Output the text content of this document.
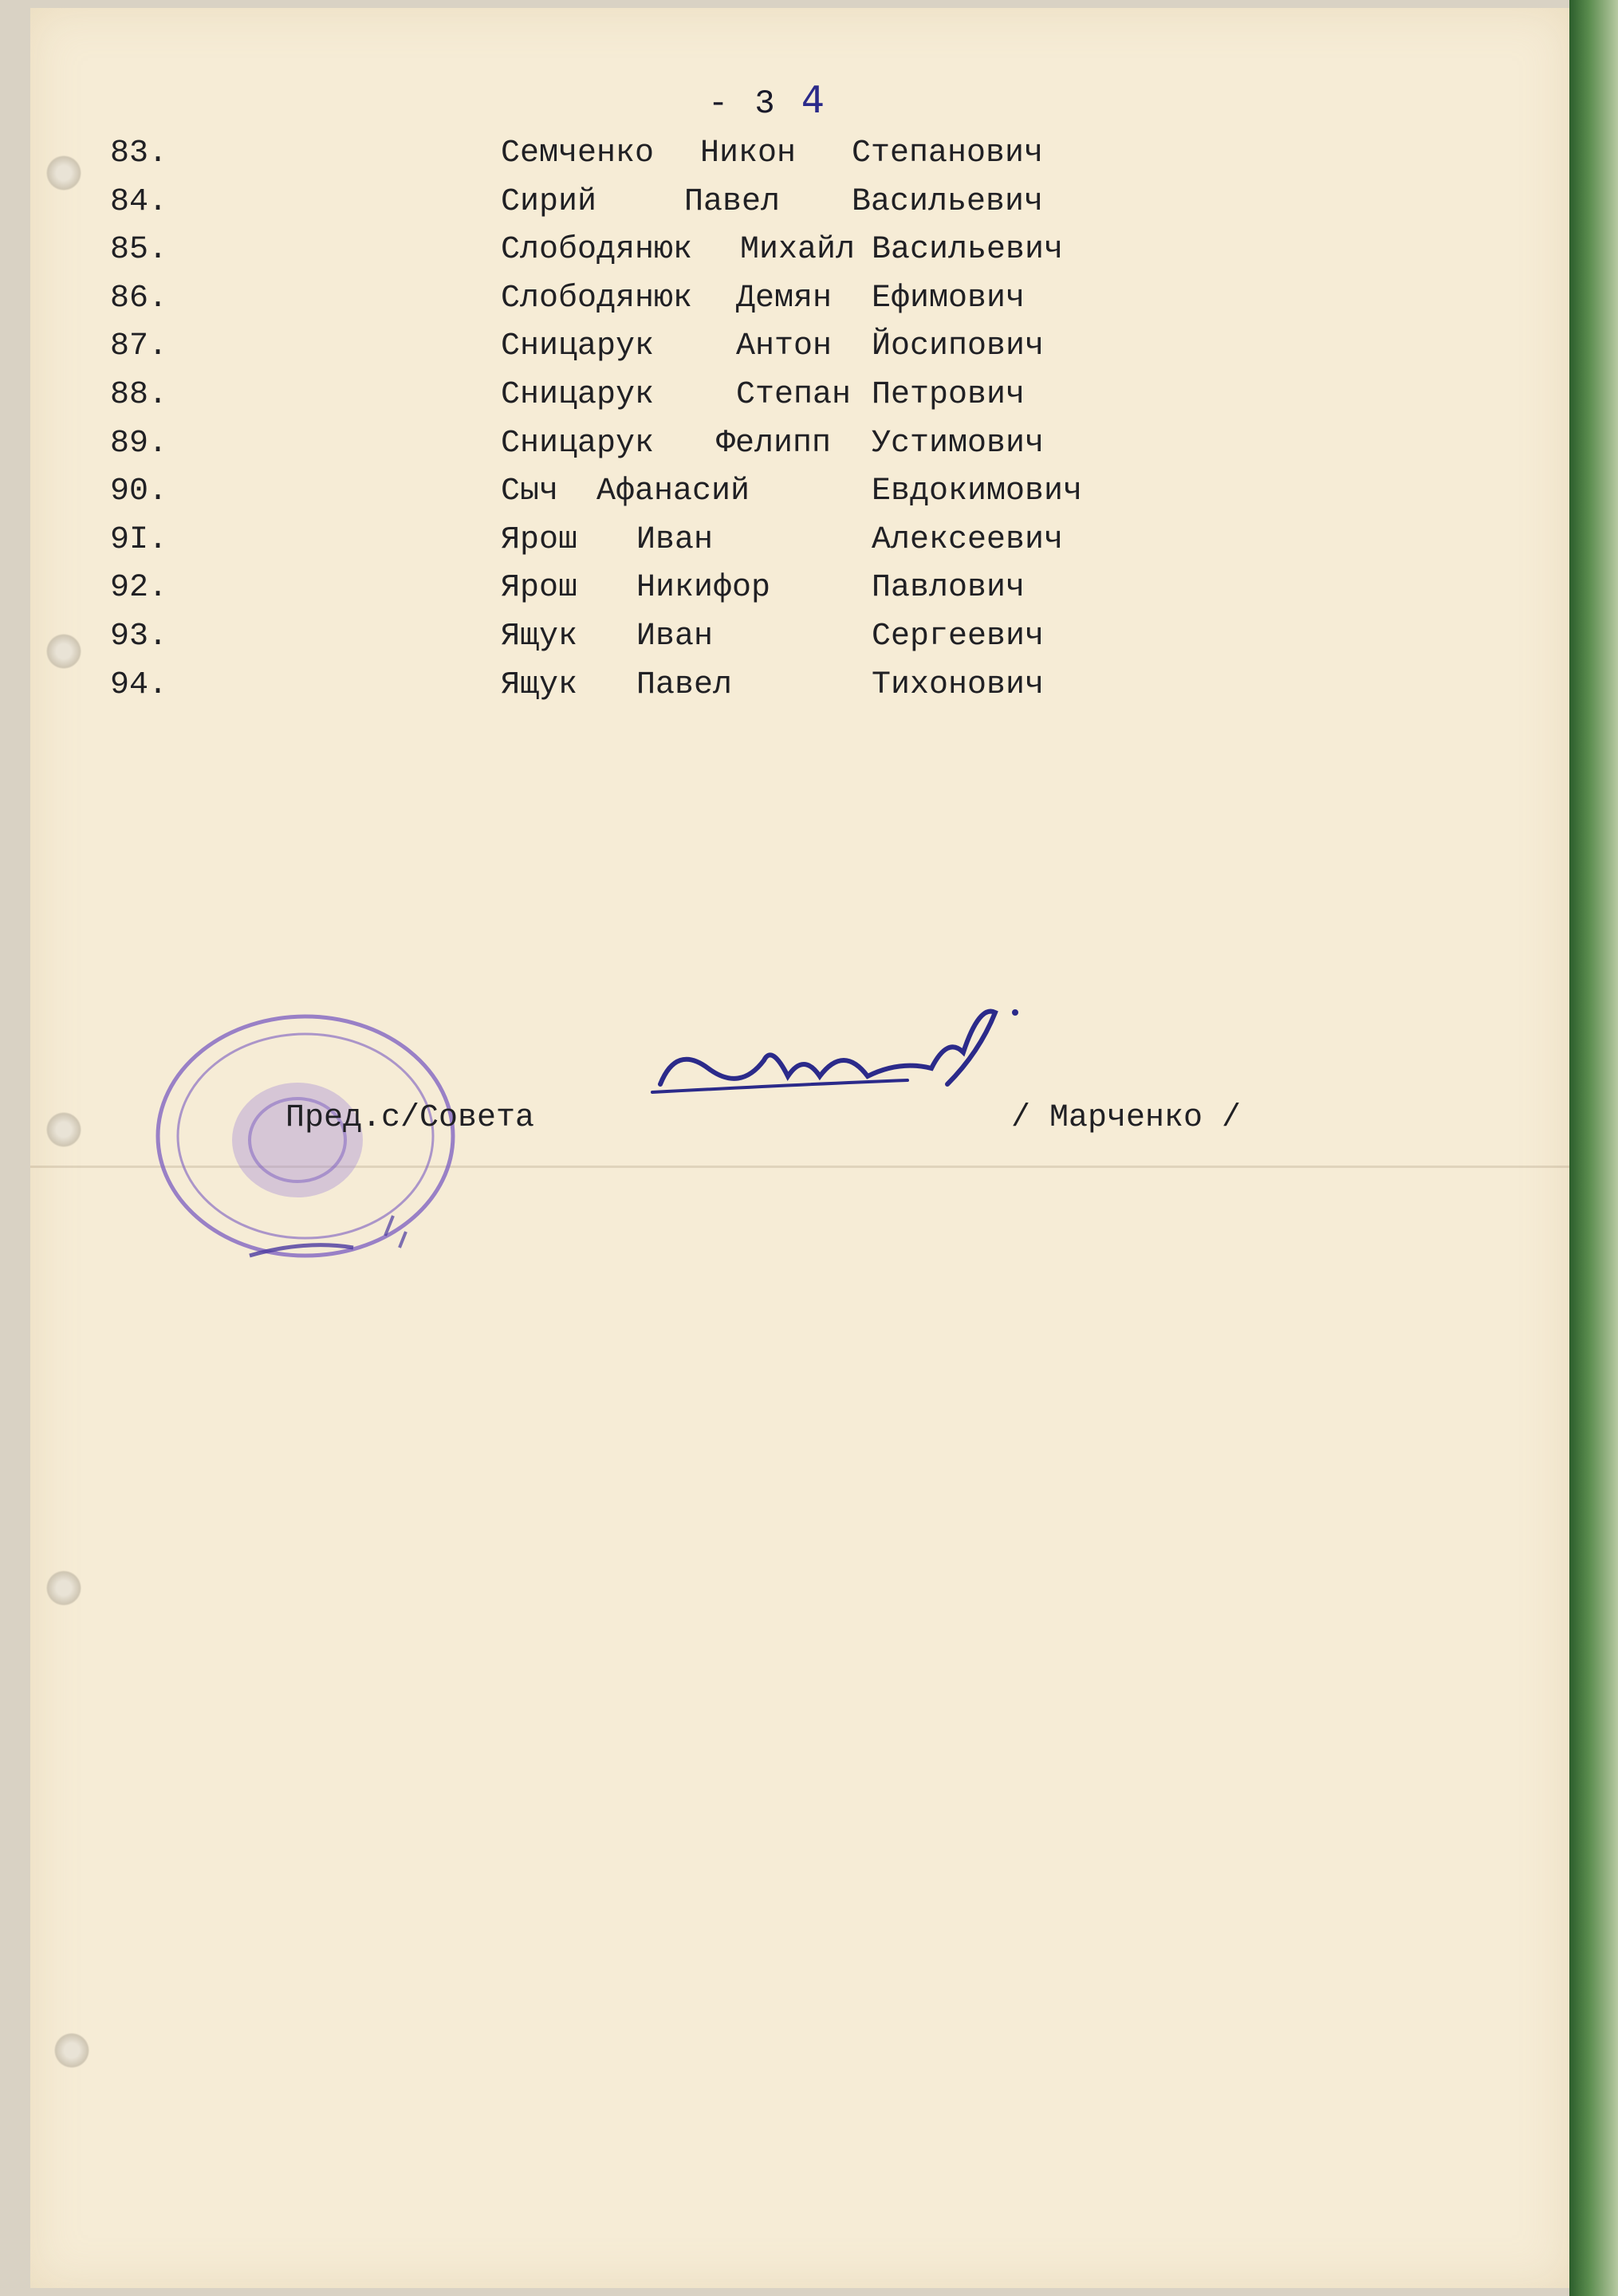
- 3 4
83.	Семченко Никон Степанович
84.	Сирий	Павел Васильевич
85.	Слободянюк Михайл Васильевич
86.	Слободянюк Демян Ефимович
87.	Сницарук	Антон Йосипович
88.	Сницарук	Степан Петрович
89.	Сницарук Фелипп Устимович
90.	Сыч Афанасий	Евдокимович
9I.	Ярош Иван	Алексеевич
92.	Ярош Никифор	Павлович
93.	Ящук Иван	Сергеевич
94.	Ящук Павел	Тихонович
Пред.с/Совета	/ Марченко /
